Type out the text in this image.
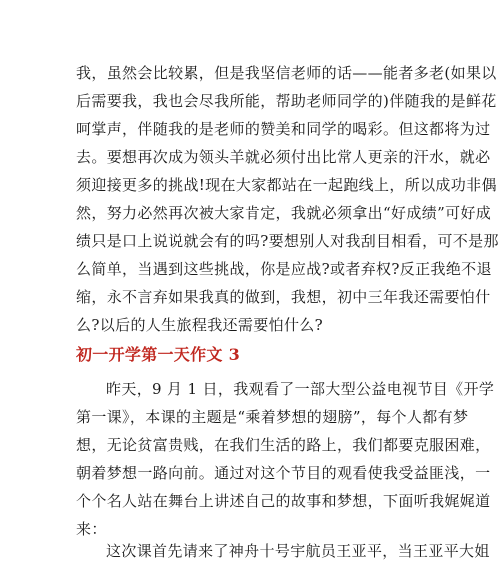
我，虽然会比较累，但是我坚信老师的话——能者多老(如果以
后需要我，我也会尽我所能，帮助老师同学的)伴随我的是鲜花
呵掌声，伴随我的是老师的赞美和同学的喝彩。但这都将为过
去。要想再次成为领头羊就必须付出比常人更亲的汗水，就必
须迎接更多的挑战!现在大家都站在一起跑线上，所以成功非偶
然，努力必然再次被大家肯定，我就必须拿出“好成绩”可好成
绩只是口上说说就会有的吗?要想别人对我刮目相看，可不是那
么简单，当遇到这些挑战，你是应战?或者弃权?反正我绝不退
缩，永不言弃如果我真的做到，我想，初中三年我还需要怕什
么?以后的人生旅程我还需要怕什么?
初一开学第一天作文 3
昨天，9 月 1 日，我观看了一部大型公益电视节目《开学
第一课》，本课的主题是“乘着梦想的翅膀”，每个人都有梦
想，无论贫富贵贱，在我们生活的路上，我们都要克服困难，
朝着梦想一路向前。通过对这个节目的观看使我受益匪浅，一
个个名人站在舞台上讲述自己的故事和梦想，下面听我娓娓道
来：
这次课首先请来了神舟十号宇航员王亚平，当王亚平大姐
